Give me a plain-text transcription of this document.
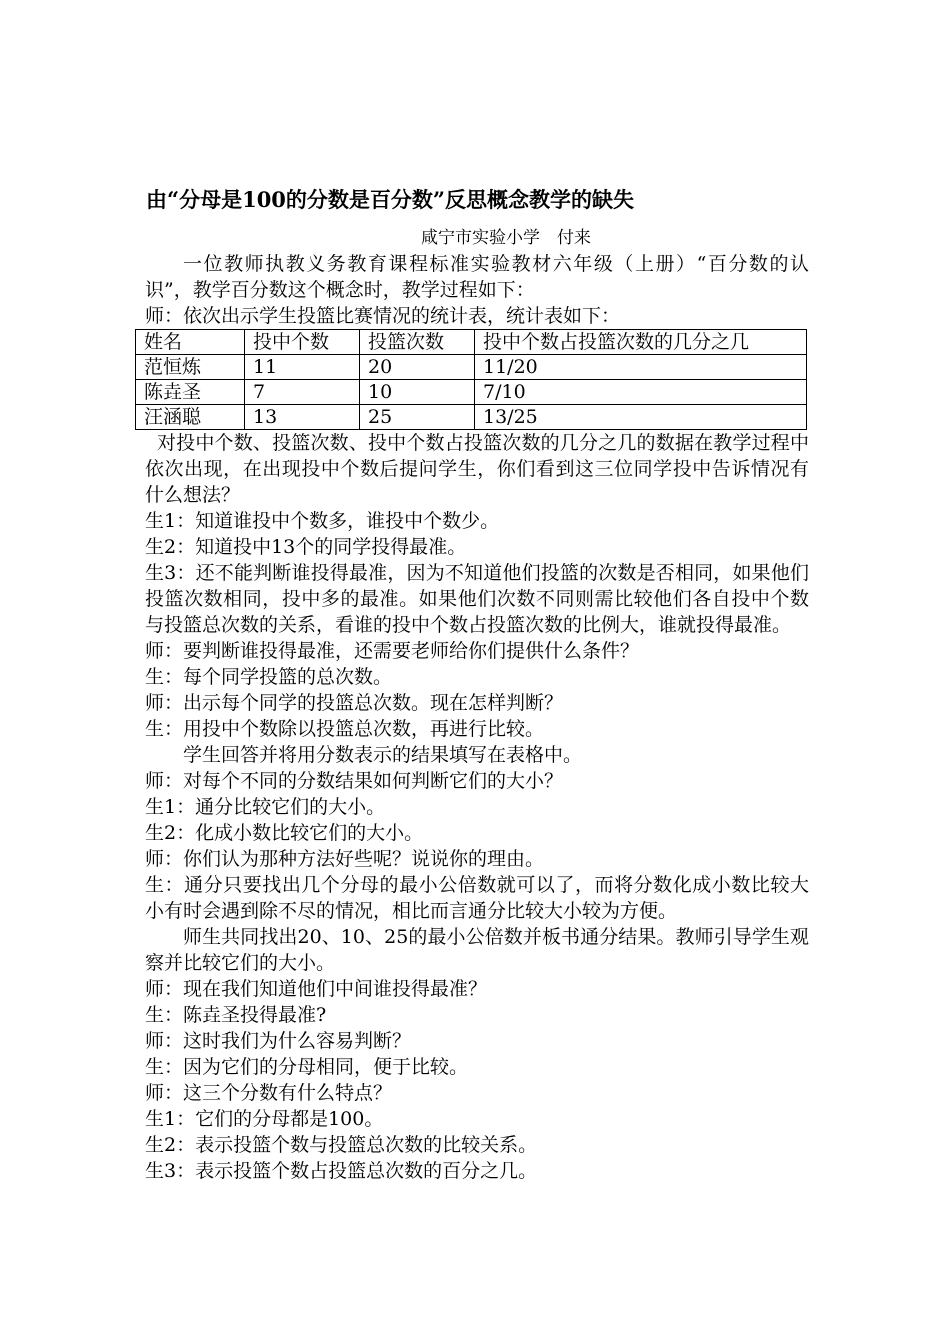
由“分母是100的分数是百分数”反思概念教学的缺失
咸宁市实验小学　付来

一位教师执教义务教育课程标准实验教材六年级（上册）“百分数的认识”，教学百分数这个概念时，教学过程如下：

师：依次出示学生投篮比赛情况的统计表，统计表如下：

姓名	投中个数	投篮次数	投中个数占投篮次数的几分之几
范恒炼	11	20	11/20
陈垚圣	7	10	7/10
汪涵聪	13	25	13/25

对投中个数、投篮次数、投中个数占投篮次数的几分之几的数据在教学过程中依次出现，在出现投中个数后提问学生，你们看到这三位同学投中告诉情况有什么想法？

生1：知道谁投中个数多，谁投中个数少。

生2：知道投中13个的同学投得最准。

生3：还不能判断谁投得最准，因为不知道他们投篮的次数是否相同，如果他们投篮次数相同，投中多的最准。如果他们次数不同则需比较他们各自投中个数与投篮总次数的关系，看谁的投中个数占投篮次数的比例大，谁就投得最准。

师：要判断谁投得最准，还需要老师给你们提供什么条件？

生：每个同学投篮的总次数。

师：出示每个同学的投篮总次数。现在怎样判断？

生：用投中个数除以投篮总次数，再进行比较。

学生回答并将用分数表示的结果填写在表格中。

师：对每个不同的分数结果如何判断它们的大小？

生1：通分比较它们的大小。

生2：化成小数比较它们的大小。

师：你们认为那种方法好些呢？说说你的理由。

生：通分只要找出几个分母的最小公倍数就可以了，而将分数化成小数比较大小有时会遇到除不尽的情况，相比而言通分比较大小较为方便。

师生共同找出20、10、25的最小公倍数并板书通分结果。教师引导学生观察并比较它们的大小。

师：现在我们知道他们中间谁投得最准？

生：陈垚圣投得最准?

师：这时我们为什么容易判断？

生：因为它们的分母相同，便于比较。

师：这三个分数有什么特点？

生1：它们的分母都是100。

生2：表示投篮个数与投篮总次数的比较关系。

生3：表示投篮个数占投篮总次数的百分之几。
